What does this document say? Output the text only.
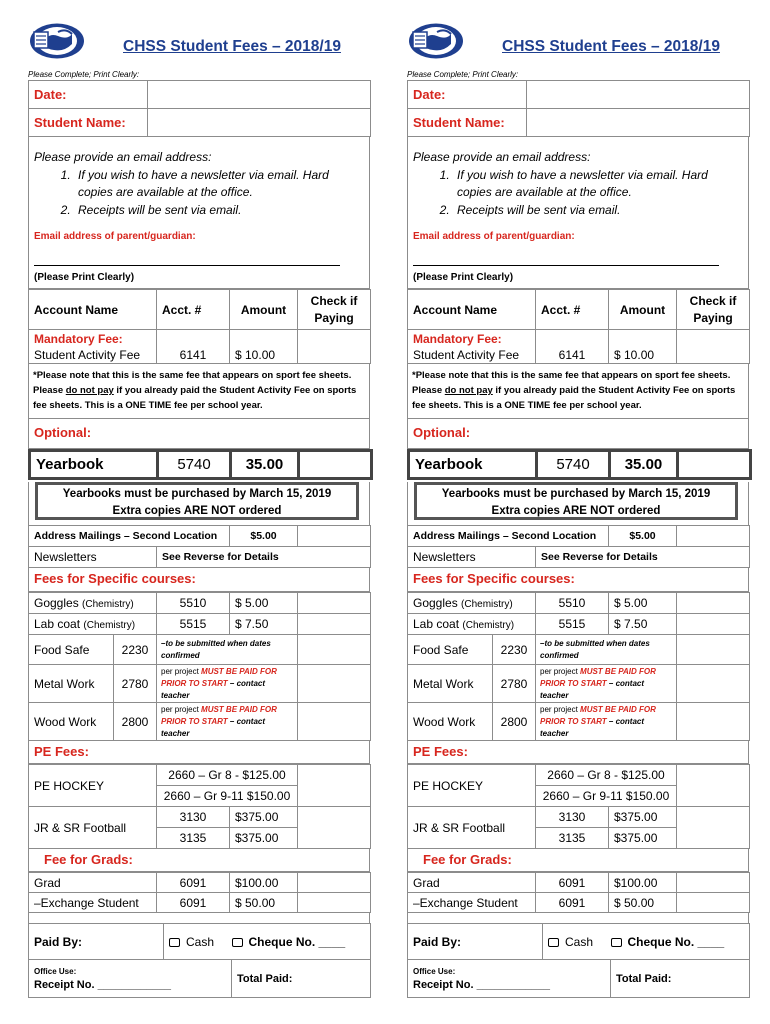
CHSS Student Fees – 2018/19
Please Complete; Print Clearly:
Date:	
Student Name:	
Please provide an email address:
1. If you wish to have a newsletter via email. Hard copies are available at the office.
2. Receipts will be sent via email.
Email address of parent/guardian:
(Please Print Clearly)
Account Name	Acct. #	Amount	Check if Paying

Mandatory Fee:
Student Activity Fee	6141	$ 10.00	
*Please note that this is the same fee that appears on sport fee sheets. Please do not pay if you already paid the Student Activity Fee on sports fee sheets. This is a ONE TIME fee per school year.
Optional:
Yearbook	5740	35.00	
Yearbooks must be purchased by March 15, 2019
Extra copies ARE NOT ordered
Address Mailings – Second Location		$5.00	
Newsletters	See Reverse for Details		
Fees for Specific courses:
Goggles (Chemistry)		5510	$ 5.00	
Lab coat (Chemistry)		5515	$ 7.50	
Food Safe	2230	–to be submitted when dates confirmed		
Metal Work	2780	per project MUST BE PAID FOR PRIOR TO START – contact teacher		
Wood Work	2800	per project MUST BE PAID FOR PRIOR TO START – contact teacher		
PE Fees:
PE HOCKEY	2660 – Gr 8 - $125.00		
	2660 – Gr 9-11 $150.00		
JR & SR Football	3130	$375.00	
	3135	$375.00	
Fee for Grads:
Grad	6091	$100.00	
–Exchange Student	6091	$ 50.00	
Paid By:	Cash	Cheque No. ____

Office Use:
Receipt No. ____________		Total Paid:
CHSS Student Fees – 2018/19
Please Complete; Print Clearly:
Date:	
Student Name:	
Please provide an email address:
1. If you wish to have a newsletter via email. Hard copies are available at the office.
2. Receipts will be sent via email.
Email address of parent/guardian:
(Please Print Clearly)
Account Name	Acct. #	Amount	Check if Paying

Mandatory Fee:
Student Activity Fee	6141	$ 10.00	
*Please note that this is the same fee that appears on sport fee sheets. Please do not pay if you already paid the Student Activity Fee on sports fee sheets. This is a ONE TIME fee per school year.
Optional:
Yearbook	5740	35.00	
Yearbooks must be purchased by March 15, 2019
Extra copies ARE NOT ordered
Address Mailings – Second Location		$5.00	
Newsletters	See Reverse for Details		
Fees for Specific courses:
Goggles (Chemistry)		5510	$ 5.00	
Lab coat (Chemistry)		5515	$ 7.50	
Food Safe	2230	–to be submitted when dates confirmed		
Metal Work	2780	per project MUST BE PAID FOR PRIOR TO START – contact teacher		
Wood Work	2800	per project MUST BE PAID FOR PRIOR TO START – contact teacher		
PE Fees:
PE HOCKEY	2660 – Gr 8 - $125.00		
	2660 – Gr 9-11 $150.00		
JR & SR Football	3130	$375.00	
	3135	$375.00	
Fee for Grads:
Grad	6091	$100.00	
–Exchange Student	6091	$ 50.00	
Paid By:	Cash	Cheque No. ____

Office Use:
Receipt No. ____________		Total Paid:
